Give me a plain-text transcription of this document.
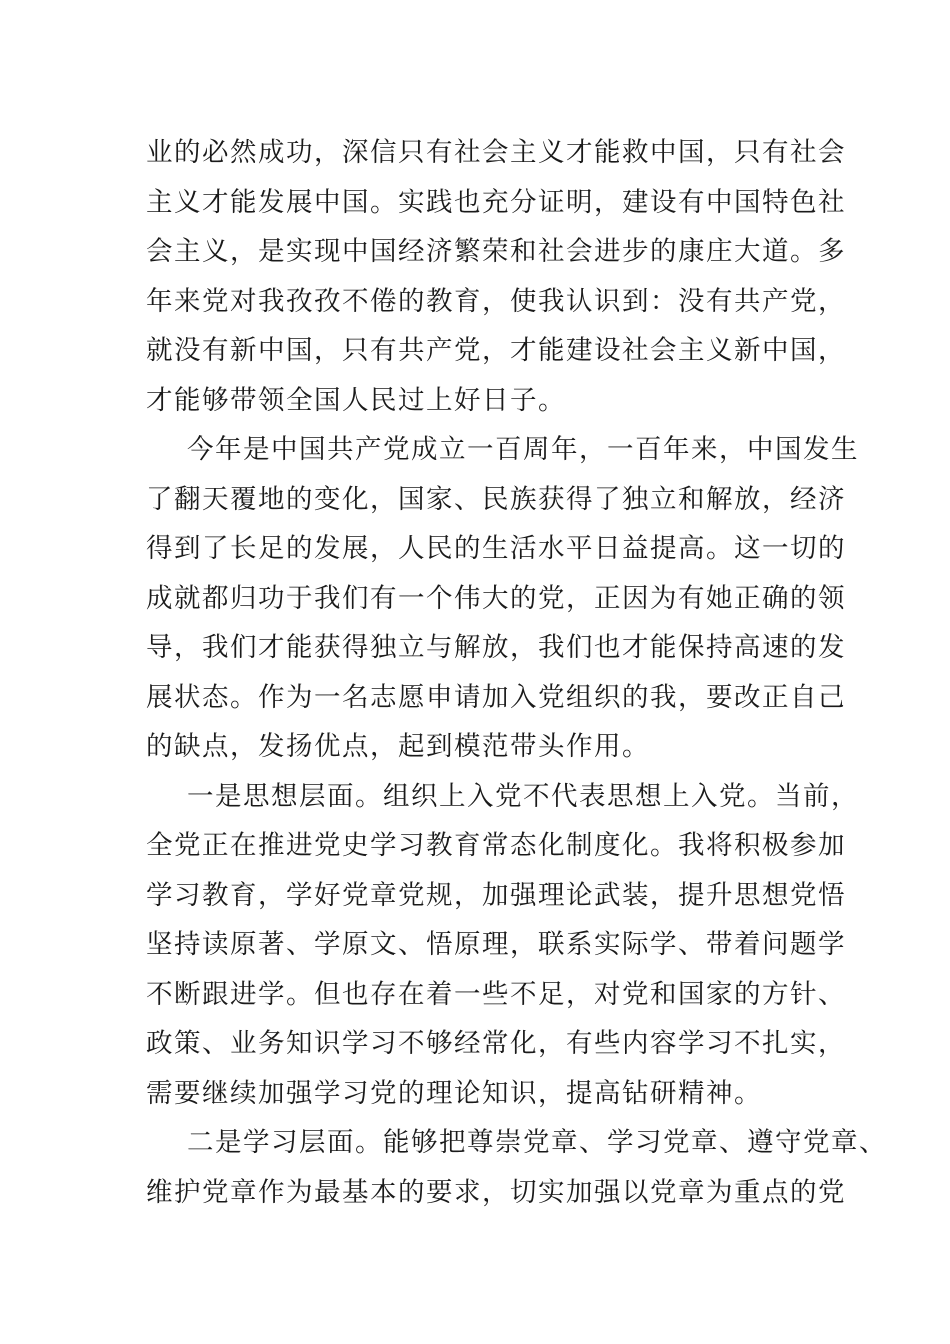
业的必然成功，深信只有社会主义才能救中国，只有社会
主义才能发展中国。实践也充分证明，建设有中国特色社
会主义，是实现中国经济繁荣和社会进步的康庄大道。多
年来党对我孜孜不倦的教育，使我认识到：没有共产党，
就没有新中国，只有共产党，才能建设社会主义新中国，
才能够带领全国人民过上好日子。
今年是中国共产党成立一百周年，一百年来，中国发生
了翻天覆地的变化，国家、民族获得了独立和解放，经济
得到了长足的发展，人民的生活水平日益提高。这一切的
成就都归功于我们有一个伟大的党，正因为有她正确的领
导，我们才能获得独立与解放，我们也才能保持高速的发
展状态。作为一名志愿申请加入党组织的我，要改正自己
的缺点，发扬优点，起到模范带头作用。
一是思想层面。组织上入党不代表思想上入党。当前，
全党正在推进党史学习教育常态化制度化。我将积极参加
学习教育，学好党章党规，加强理论武装，提升思想党悟
坚持读原著、学原文、悟原理，联系实际学、带着问题学
不断跟进学。但也存在着一些不足，对党和国家的方针、
政策、业务知识学习不够经常化，有些内容学习不扎实，
需要继续加强学习党的理论知识，提高钻研精神。
二是学习层面。能够把尊崇党章、学习党章、遵守党章、
维护党章作为最基本的要求，切实加强以党章为重点的党
